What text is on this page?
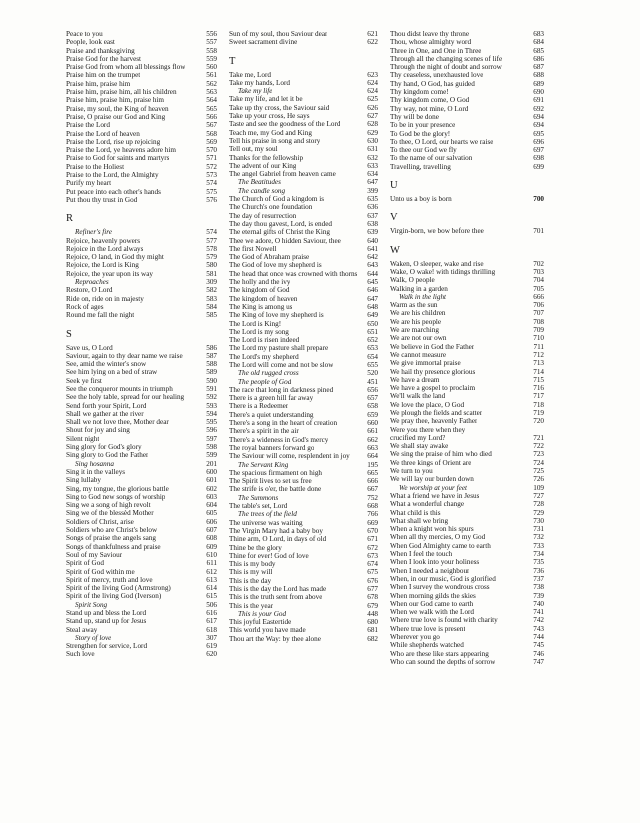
Peace to you	556
People, look east	557
Praise and thanksgiving	558
Praise God for the harvest	559
Praise God from whom all blessings flow	560
Praise him on the trumpet	561
Praise him, praise him	562
Praise him, praise him, all his children	563
Praise him, praise him, praise him	564
Praise, my soul, the King of heaven	565
Praise, O praise our God and King	566
Praise the Lord	567
Praise the Lord of heaven	568
Praise the Lord, rise up rejoicing	569
Praise the Lord, ye heavens adore him	570
Praise to God for saints and martyrs	571
Praise to the Holiest	572
Praise to the Lord, the Almighty	573
Purify my heart	574
Put peace into each other's hands	575
Put thou thy trust in God	576
R
Refiner's fire	574
Rejoice, heavenly powers	577
Rejoice in the Lord always	578
Rejoice, O land, in God thy might	579
Rejoice, the Lord is King	580
Rejoice, the year upon its way	581
Reproaches	309
Restore, O Lord	582
Ride on, ride on in majesty	583
Rock of ages	584
Round me fall the night	585
S
Save us, O Lord	586
Saviour, again to thy dear name we raise	587
See, amid the winter's snow	588
See him lying on a bed of straw	589
Seek ye first	590
See the conqueror mounts in triumph	591
See the holy table, spread for our healing	592
Send forth your Spirit, Lord	593
Shall we gather at the river	594
Shall we not love thee, Mother dear	595
Shout for joy and sing	596
Silent night	597
Sing glory for God's glory	598
Sing glory to God the Father	599
Sing hosanna	201
Sing it in the valleys	600
Sing lullaby	601
Sing, my tongue, the glorious battle	602
Sing to God new songs of worship	603
Sing we a song of high revolt	604
Sing we of the blessèd Mother	605
Soldiers of Christ, arise	606
Soldiers who are Christ's below	607
Songs of praise the angels sang	608
Songs of thankfulness and praise	609
Soul of my Saviour	610
Spirit of God	611
Spirit of God within me	612
Spirit of mercy, truth and love	613
Spirit of the living God (Armstrong)	614
Spirit of the living God (Iverson)	615
Spirit Song	506
Stand up and bless the Lord	616
Stand up, stand up for Jesus	617
Steal away	618
Story of love	307
Strengthen for service, Lord	619
Such love	620
Sun of my soul, thou Saviour dear	621
Sweet sacrament divine	622
T
Take me, Lord	623
Take my hands, Lord	624
Take my life	624
Take my life, and let it be	625
Take up thy cross, the Saviour said	626
Take up your cross, He says	627
Taste and see the goodness of the Lord	628
Teach me, my God and King	629
Tell his praise in song and story	630
Tell out, my soul	631
Thanks for the fellowship	632
The advent of our King	633
The angel Gabriel from heaven came	634
The Beatitudes	647
The candle song	399
The Church of God a kingdom is	635
The Church's one foundation	636
The day of resurrection	637
The day thou gavest, Lord, is ended	638
The eternal gifts of Christ the King	639
Thee we adore, O hidden Saviour, thee	640
The first Nowell	641
The God of Abraham praise	642
The God of love my shepherd is	643
The head that once was crowned with thorns	644
The holly and the ivy	645
The kingdom of God	646
The kingdom of heaven	647
The King is among us	648
The King of love my shepherd is	649
The Lord is King!	650
The Lord is my song	651
The Lord is risen indeed	652
The Lord my pasture shall prepare	653
The Lord's my shepherd	654
The Lord will come and not be slow	655
The old rugged cross	520
The people of God	451
The race that long in darkness pined	656
There is a green hill far away	657
There is a Redeemer	658
There's a quiet understanding	659
There's a song in the heart of creation	660
There's a spirit in the air	661
There's a wideness in God's mercy	662
The royal banners forward go	663
The Saviour will come, resplendent in joy	664
The Servant King	195
The spacious firmament on high	665
The Spirit lives to set us free	666
The strife is o'er, the battle done	667
The Summons	752
The table's set, Lord	668
The trees of the field	766
The universe was waiting	669
The Virgin Mary had a baby boy	670
Thine arm, O Lord, in days of old	671
Thine be the glory	672
Thine for ever! God of love	673
This is my body	674
This is my will	675
This is the day	676
This is the day the Lord has made	677
This is the truth sent from above	678
This is the year	679
This is your God	448
This joyful Eastertide	680
This world you have made	681
Thou art the Way: by thee alone	682
Thou didst leave thy throne	683
Thou, whose almighty word	684
Three in One, and One in Three	685
Through all the changing scenes of life	686
Through the night of doubt and sorrow	687
Thy ceaseless, unexhausted love	688
Thy hand, O God, has guided	689
Thy kingdom come!	690
Thy kingdom come, O God	691
Thy way, not mine, O Lord	692
Thy will be done	694
To be in your presence	694
To God be the glory!	695
To thee, O Lord, our hearts we raise	696
To thee our God we fly	697
To the name of our salvation	698
Travelling, travelling	699
U
Unto us a boy is born	700
V
Virgin-born, we bow before thee	701
W
Waken, O sleeper, wake and rise	702
Wake, O wake! with tidings thrilling	703
Walk, O people	704
Walking in a garden	705
Walk in the light	666
Warm as the sun	706
We are his children	707
We are his people	708
We are marching	709
We are not our own	710
We believe in God the Father	711
We cannot measure	712
We give immortal praise	713
We hail thy presence glorious	714
We have a dream	715
We have a gospel to proclaim	716
We'll walk the land	717
We love the place, O God	718
We plough the fields and scatter	719
We pray thee, heavenly Father	720
Were you there when they
crucified my Lord?	721
We shall stay awake	722
We sing the praise of him who died	723
We three kings of Orient are	724
We turn to you	725
We will lay our burden down	726
We worship at your feet	109
What a friend we have in Jesus	727
What a wonderful change	728
What child is this	729
What shall we bring	730
When a knight won his spurs	731
When all thy mercies, O my God	732
When God Almighty came to earth	733
When I feel the touch	734
When I look into your holiness	735
When I needed a neighbour	736
When, in our music, God is glorified	737
When I survey the wondrous cross	738
When morning gilds the skies	739
When our God came to earth	740
When we walk with the Lord	741
Where true love is found with charity	742
Where true love is present	743
Wherever you go	744
While shepherds watched	745
Who are these like stars appearing	746
Who can sound the depths of sorrow	747
